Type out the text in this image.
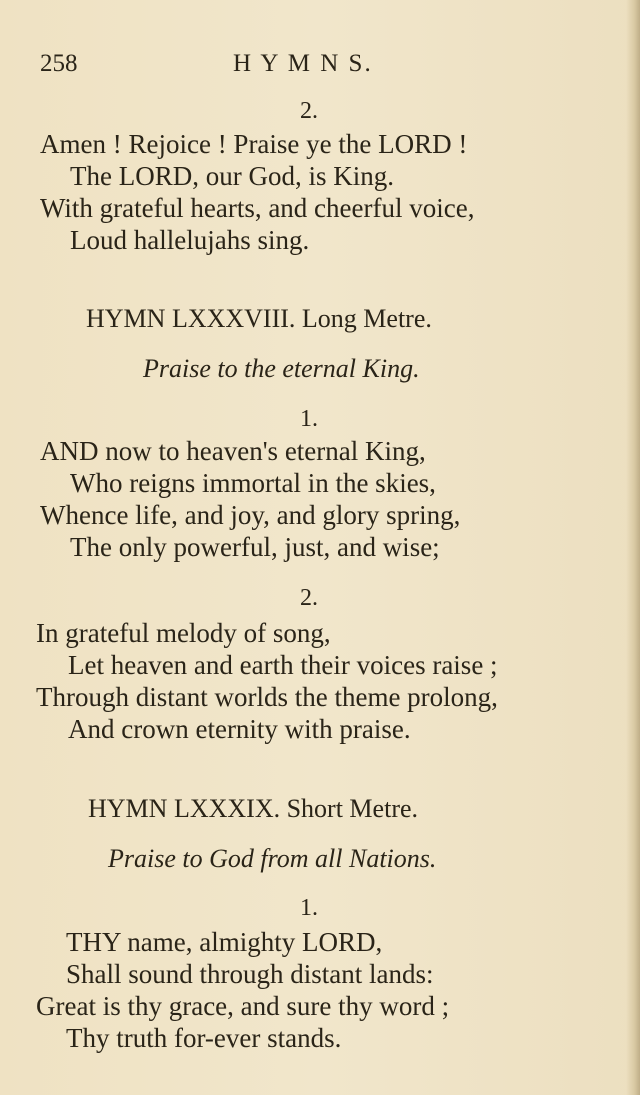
258	H Y M N S.
2.
Amen ! Rejoice ! Praise ye the LORD !
The LORD, our God, is King.
With grateful hearts, and cheerful voice,
Loud hallelujahs sing.
HYMN LXXXVIII. Long Metre.
Praise to the eternal King.
1.
AND now to heaven's eternal King,
Who reigns immortal in the skies,
Whence life, and joy, and glory spring,
The only powerful, just, and wise;
2.
In grateful melody of song,
Let heaven and earth their voices raise ;
Through distant worlds the theme prolong,
And crown eternity with praise.
HYMN LXXXIX. Short Metre.
Praise to God from all Nations.
1.
THY name, almighty LORD,
Shall sound through distant lands:
Great is thy grace, and sure thy word ;
Thy truth for-ever stands.
